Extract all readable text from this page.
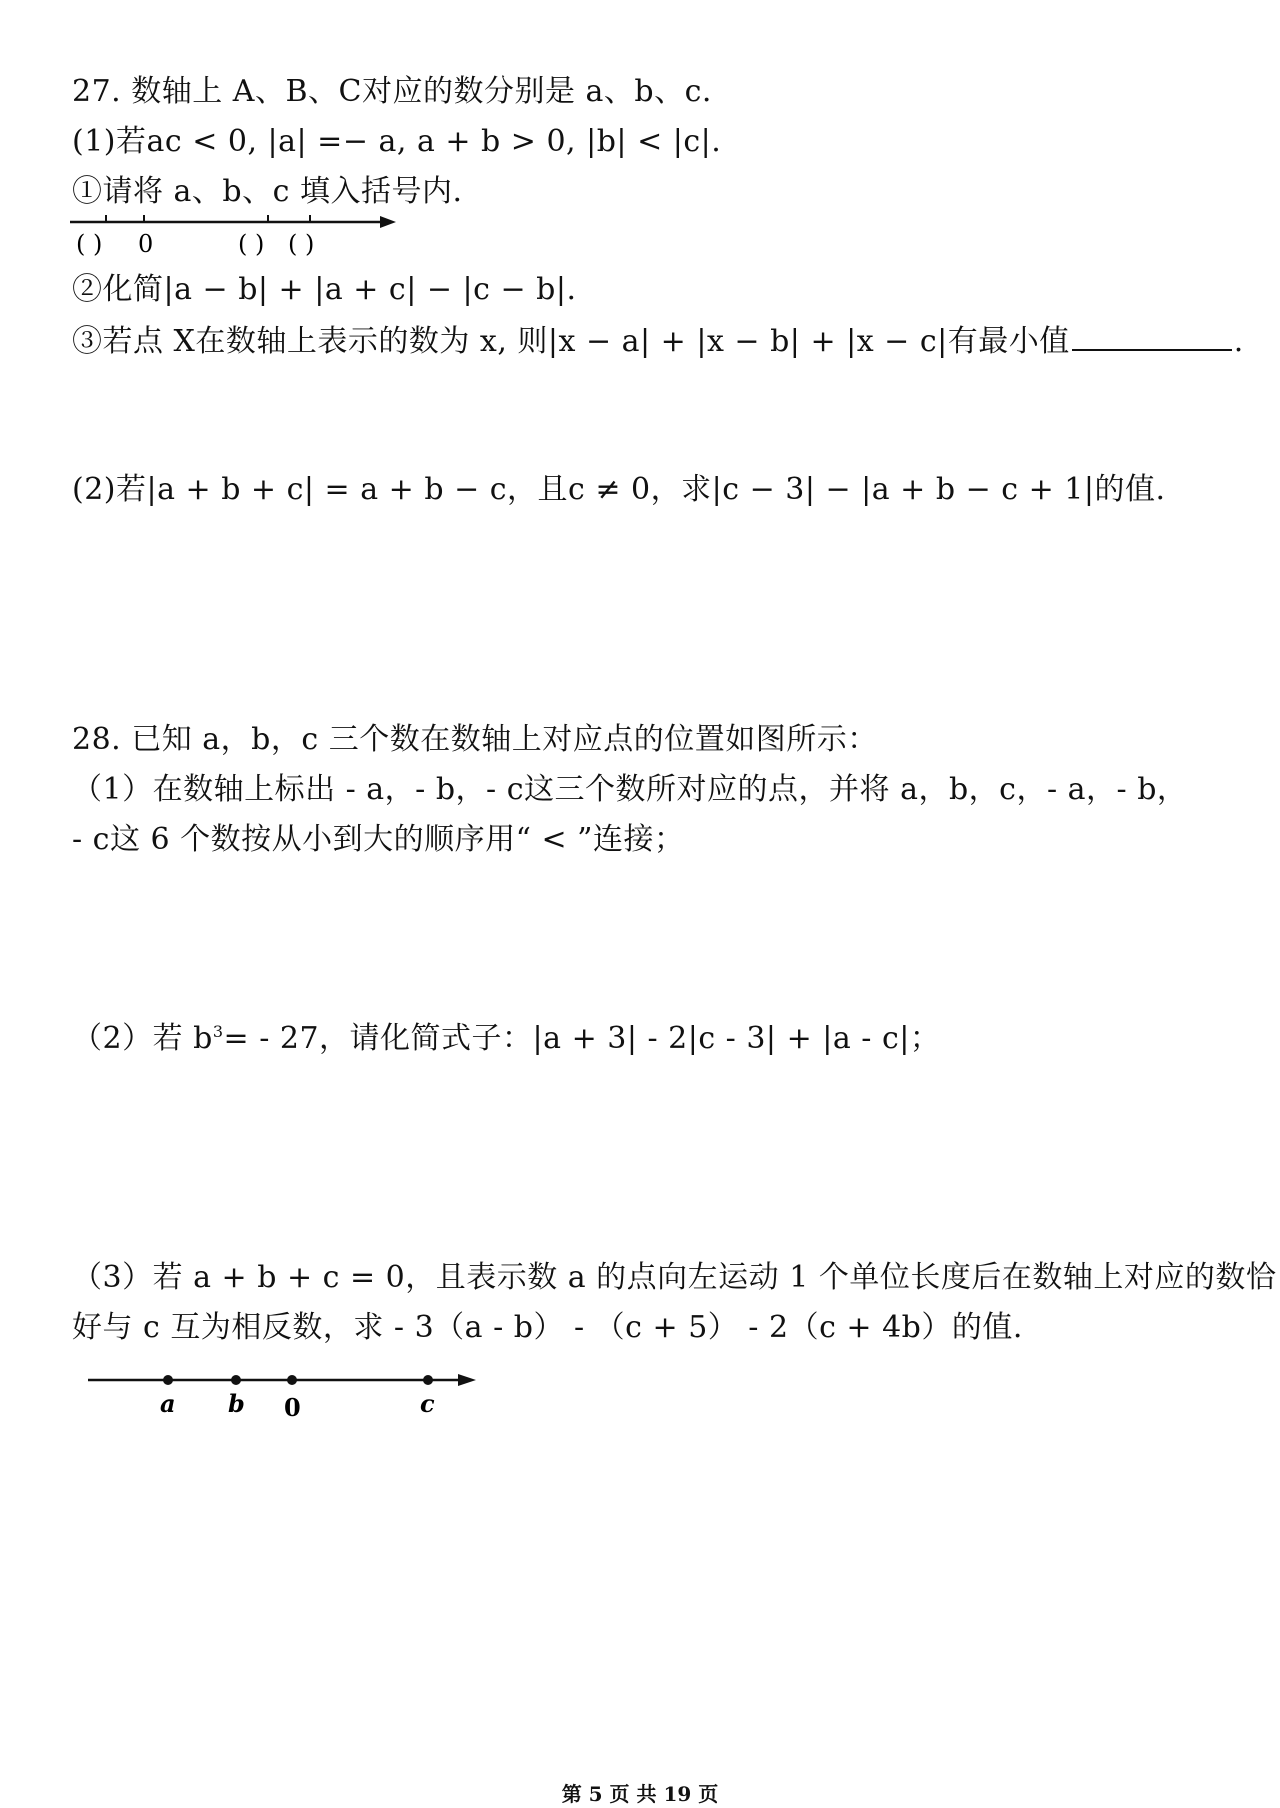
27. 数轴上 A、B、C对应的数分别是 a、b、c.
(1)若ac < 0, |a| =− a, a + b > 0, |b| < |c|.
①请将 a、b、c 填入括号内.
( ) 0	( ) ( )
②化简|a − b| + |a + c| − |c − b|.
③若点 X在数轴上表示的数为 x, 则|x − a| + |x − b| + |x − c|有最小值	.
(2)若|a + b + c| = a + b − c，且c ≠ 0，求|c − 3| − |a + b − c + 1|的值.
28. 已知 a，b，c 三个数在数轴上对应点的位置如图所示：
（1）在数轴上标出 - a，- b，- c这三个数所对应的点，并将 a，b，c，- a，- b，
- c这 6 个数按从小到大的顺序用“ < ”连接；
（2）若 $b^3= - 27$，请化简式子：|a + 3| - 2|c - 3| + |a - c|；
（3）若 a + b + c = 0，且表示数 a 的点向左运动 1 个单位长度后在数轴上对应的数恰
好与 c 互为相反数，求 - 3（a - b） - （c + 5） - 2（c + 4b）的值.
a b 0	c
第 5 页 共 19 页
